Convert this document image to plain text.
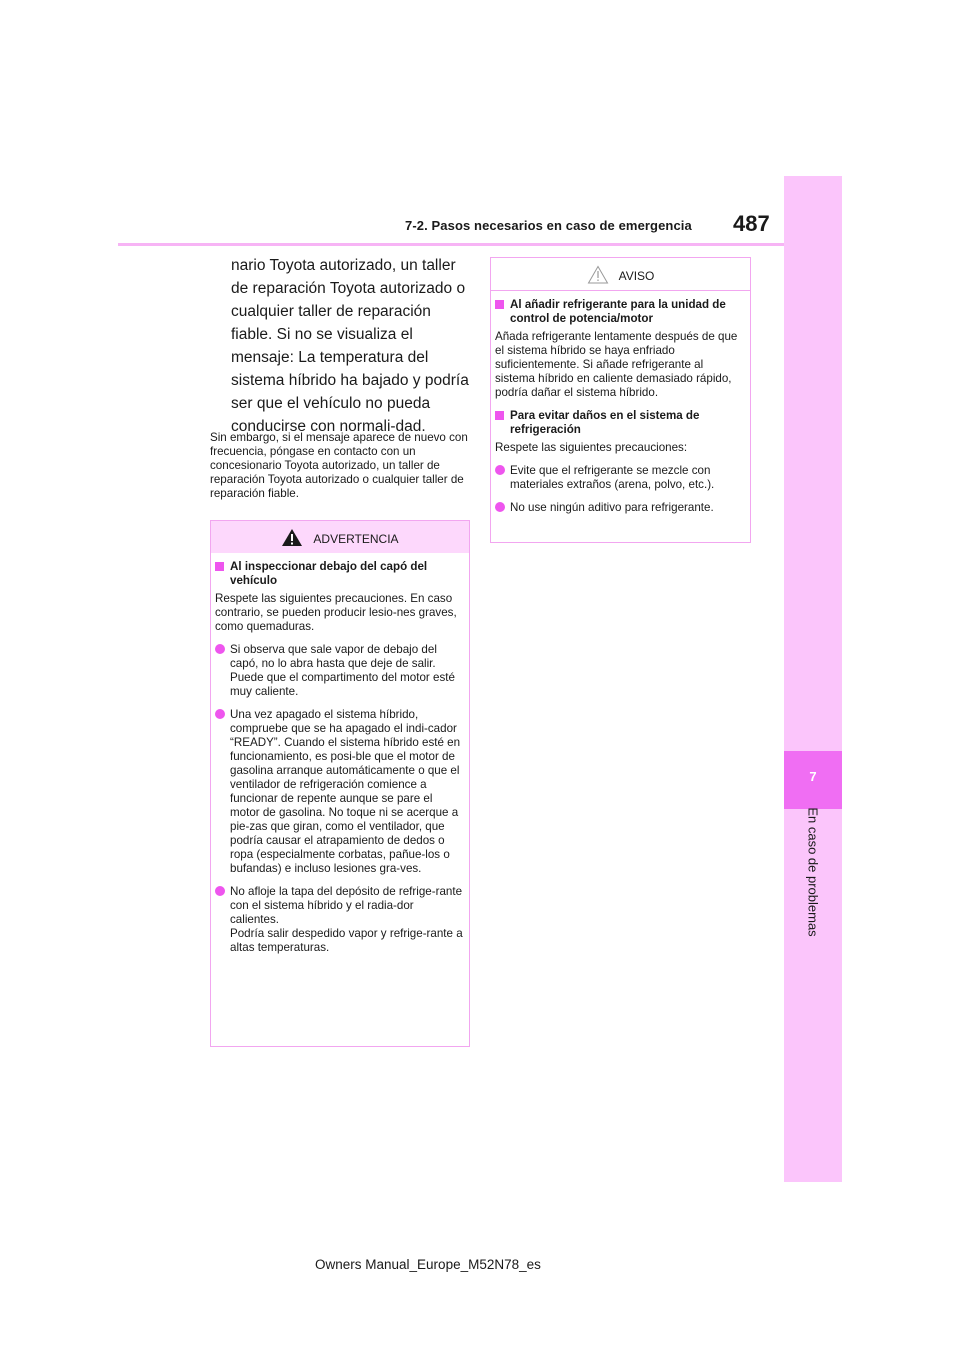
7-2. Pasos necesarios en caso de emergencia 487
7
En caso de problemas
nario Toyota autorizado, un taller de reparación Toyota autorizado o cualquier taller de reparación fiable. Si no se visualiza el mensaje: La temperatura del sistema híbrido ha bajado y podría ser que el vehículo no pueda conducirse con normali-dad.
Sin embargo, si el mensaje aparece de nuevo con frecuencia, póngase en contacto con un concesionario Toyota autorizado, un taller de reparación Toyota autorizado o cualquier taller de reparación fiable.
ADVERTENCIA
Al inspeccionar debajo del capó del vehículo
Respete las siguientes precauciones. En caso contrario, se pueden producir lesio-nes graves, como quemaduras.
Si observa que sale vapor de debajo del capó, no lo abra hasta que deje de salir. Puede que el compartimento del motor esté muy caliente.
Una vez apagado el sistema híbrido, compruebe que se ha apagado el indi-cador “READY”. Cuando el sistema híbrido esté en funcionamiento, es posi-ble que el motor de gasolina arranque automáticamente o que el ventilador de refrigeración comience a funcionar de repente aunque se pare el motor de gasolina. No toque ni se acerque a pie-zas que giran, como el ventilador, que podría causar el atrapamiento de dedos o ropa (especialmente corbatas, pañue-los o bufandas) e incluso lesiones gra-ves.
No afloje la tapa del depósito de refrige-rante con el sistema híbrido y el radia-dor calientes.
Podría salir despedido vapor y refrige-rante a altas temperaturas.
AVISO
Al añadir refrigerante para la unidad de control de potencia/motor
Añada refrigerante lentamente después de que el sistema híbrido se haya enfriado suficientemente. Si añade refrigerante al sistema híbrido en caliente demasiado rápido, podría dañar el sistema híbrido.
Para evitar daños en el sistema de refrigeración
Respete las siguientes precauciones:
Evite que el refrigerante se mezcle con materiales extraños (arena, polvo, etc.).
No use ningún aditivo para refrigerante.
Owners Manual_Europe_M52N78_es
